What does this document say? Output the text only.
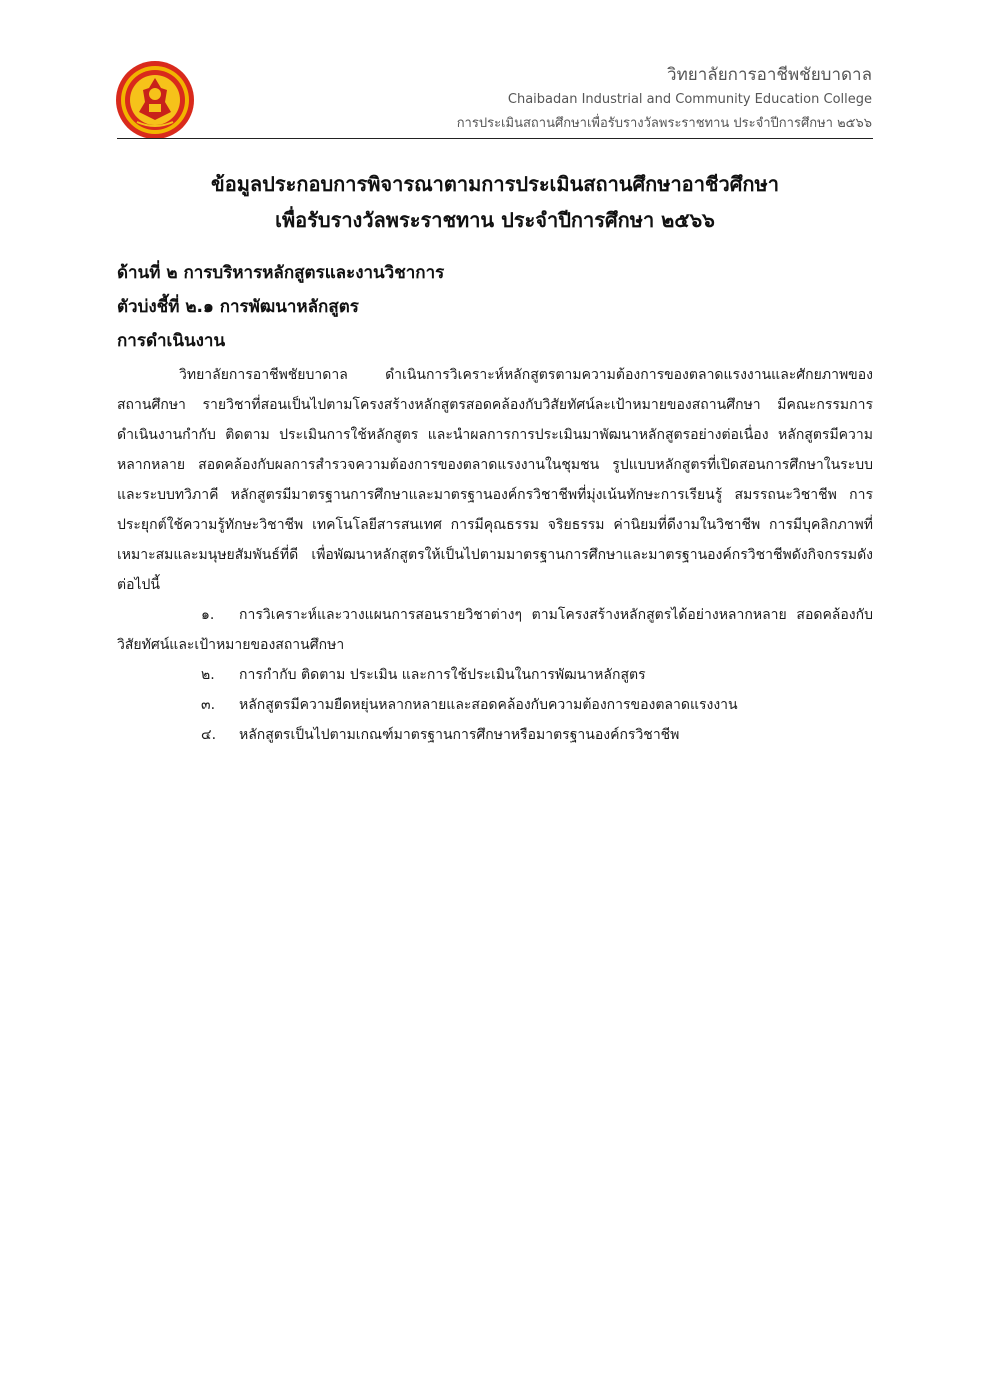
วิทยาลัยการอาชีพชัยบาดาล
Chaibadan Industrial and Community Education College
การประเมินสถานศึกษาเพื่อรับรางวัลพระราชทาน ประจำปีการศึกษา ๒๕๖๖
ข้อมูลประกอบการพิจารณาตามการประเมินสถานศึกษาอาชีวศึกษา
เพื่อรับรางวัลพระราชทาน ประจำปีการศึกษา ๒๕๖๖
ด้านที่ ๒ การบริหารหลักสูตรและงานวิชาการ
ตัวบ่งชี้ที่ ๒.๑ การพัฒนาหลักสูตร
การดำเนินงาน

วิทยาลัยการอาชีพชัยบาดาล ดำเนินการวิเคราะห์หลักสูตรตามความต้องการของตลาดแรงงานและศักยภาพของสถานศึกษา รายวิชาที่สอนเป็นไปตามโครงสร้างหลักสูตรสอดคล้องกับวิสัยทัศน์ละเป้าหมายของสถานศึกษา มีคณะกรรมการดำเนินงานกำกับ ติดตาม ประเมินการใช้หลักสูตร และนำผลการการประเมินมาพัฒนาหลักสูตรอย่างต่อเนื่อง หลักสูตรมีความหลากหลาย สอดคล้องกับผลการสำรวจความต้องการของตลาดแรงงานในชุมชน รูปแบบหลักสูตรที่เปิดสอนการศึกษาในระบบ และระบบทวิภาคี หลักสูตรมีมาตรฐานการศึกษาและมาตรฐานองค์กรวิชาชีพที่มุ่งเน้นทักษะการเรียนรู้ สมรรถนะวิชาชีพ การประยุกต์ใช้ความรู้ทักษะวิชาชีพ เทคโนโลยีสารสนเทศ การมีคุณธรรม จริยธรรม ค่านิยมที่ดีงามในวิชาชีพ การมีบุคลิกภาพที่เหมาะสมและมนุษยสัมพันธ์ที่ดี เพื่อพัฒนาหลักสูตรให้เป็นไปตามมาตรฐานการศึกษาและมาตรฐานองค์กรวิชาชีพดังกิจกรรมดังต่อไปนี้

๑. การวิเคราะห์และวางแผนการสอนรายวิชาต่างๆ ตามโครงสร้างหลักสูตรได้อย่างหลากหลาย สอดคล้องกับวิสัยทัศน์และเป้าหมายของสถานศึกษา
๒. การกำกับ ติดตาม ประเมิน และการใช้ประเมินในการพัฒนาหลักสูตร
๓. หลักสูตรมีความยืดหยุ่นหลากหลายและสอดคล้องกับความต้องการของตลาดแรงงาน
๔. หลักสูตรเป็นไปตามเกณฑ์มาตรฐานการศึกษาหรือมาตรฐานองค์กรวิชาชีพ
